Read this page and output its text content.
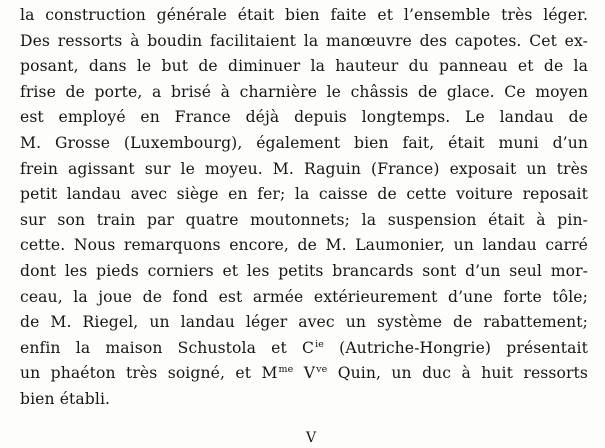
la construction générale était bien faite et l’ensemble très léger.
Des ressorts à boudin facilitaient la manœuvre des capotes. Cet ex-
posant, dans le but de diminuer la hauteur du panneau et de la
frise de porte, a brisé à charnière le châssis de glace. Ce moyen
est employé en France déjà depuis longtemps. Le landau de
M. Grosse (Luxembourg), également bien fait, était muni d’un
frein agissant sur le moyeu. M. Raguin (France) exposait un très
petit landau avec siège en fer; la caisse de cette voiture reposait
sur son train par quatre moutonnets; la suspension était à pin-
cette. Nous remarquons encore, de M. Laumonier, un landau carré
dont les pieds corniers et les petits brancards sont d’un seul mor-
ceau, la joue de fond est armée extérieurement d’une forte tôle;
de M. Riegel, un landau léger avec un système de rabattement;
enfin la maison Schustola et $C^{ie}$ (Autriche-Hongrie) présentait
un phaéton très soigné, et $M^{me}$ $V^{ve}$ Quin, un duc à huit ressorts
bien établi.
V
